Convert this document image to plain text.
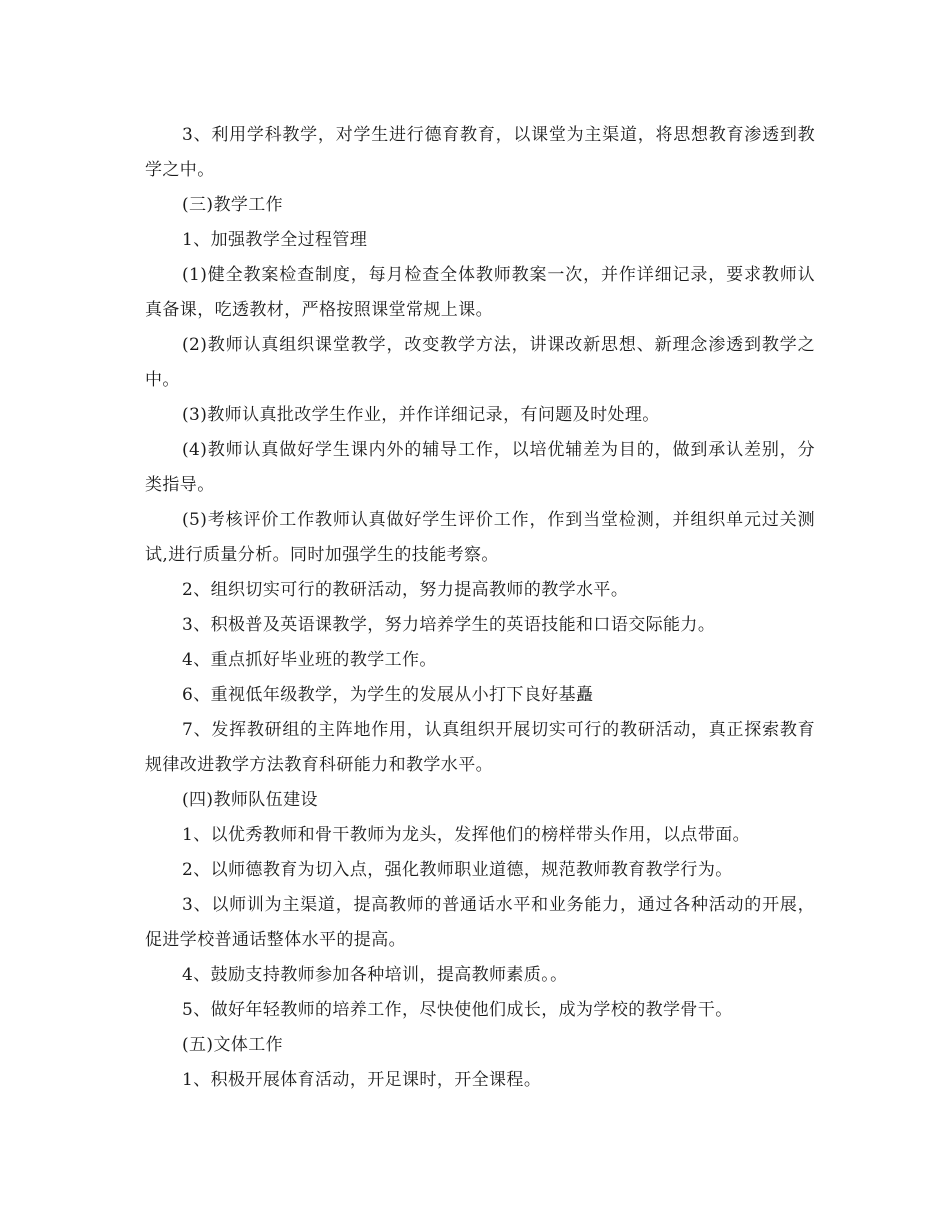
3、利用学科教学，对学生进行德育教育，以课堂为主渠道，将思想教育渗透到教学之中。

(三)教学工作

1、加强教学全过程管理

(1)健全教案检查制度，每月检查全体教师教案一次，并作详细记录，要求教师认真备课，吃透教材，严格按照课堂常规上课。

(2)教师认真组织课堂教学，改变教学方法，讲课改新思想、新理念渗透到教学之中。

(3)教师认真批改学生作业，并作详细记录，有问题及时处理。

(4)教师认真做好学生课内外的辅导工作，以培优辅差为目的，做到承认差别，分类指导。

(5)考核评价工作教师认真做好学生评价工作，作到当堂检测，并组织单元过关测试,进行质量分析。同时加强学生的技能考察。

2、组织切实可行的教研活动，努力提高教师的教学水平。

3、积极普及英语课教学，努力培养学生的英语技能和口语交际能力。

4、重点抓好毕业班的教学工作。

6、重视低年级教学，为学生的发展从小打下良好基矗

7、发挥教研组的主阵地作用，认真组织开展切实可行的教研活动，真正探索教育规律改进教学方法教育科研能力和教学水平。

(四)教师队伍建设

1、以优秀教师和骨干教师为龙头，发挥他们的榜样带头作用，以点带面。

2、以师德教育为切入点，强化教师职业道德，规范教师教育教学行为。

3、以师训为主渠道，提高教师的普通话水平和业务能力，通过各种活动的开展，促进学校普通话整体水平的提高。

4、鼓励支持教师参加各种培训，提高教师素质。。

5、做好年轻教师的培养工作，尽快使他们成长，成为学校的教学骨干。

(五)文体工作

1、积极开展体育活动，开足课时，开全课程。
